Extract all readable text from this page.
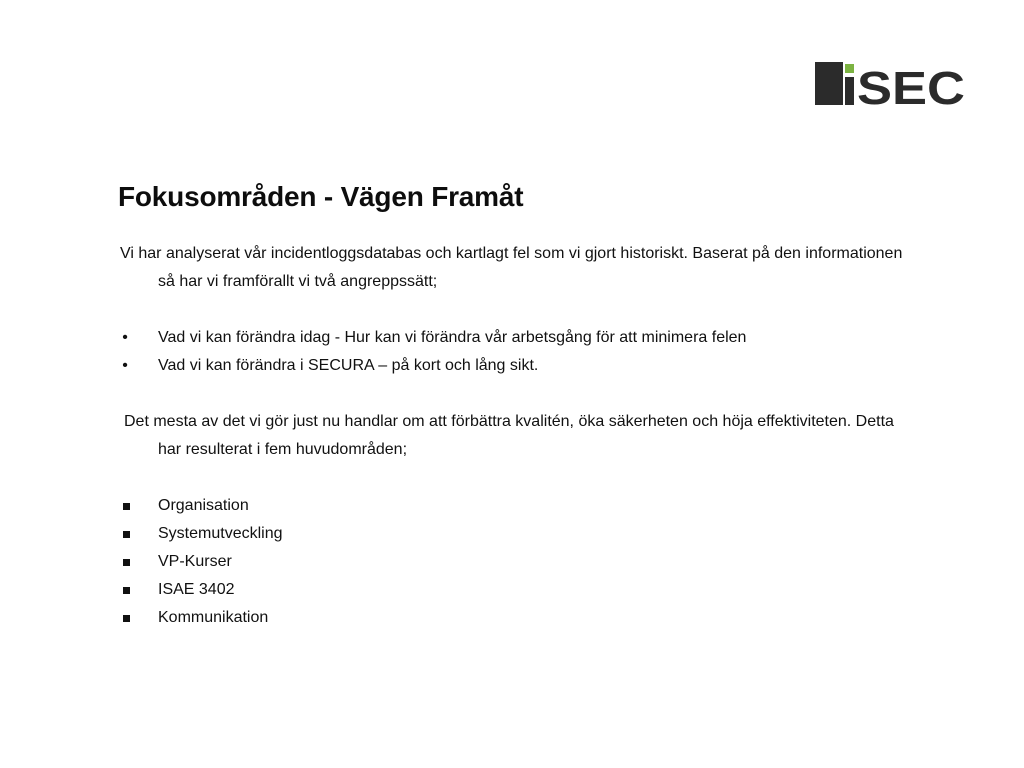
SEC
Fokusområden - Vägen Framåt

Vi har analyserat vår incidentloggsdatabas och kartlagt fel som vi gjort historiskt. Baserat på den informationen så har vi framförallt vi två angreppssätt;

• Vad vi kan förändra idag - Hur kan vi förändra vår arbetsgång för att minimera felen
• Vad vi kan förändra i SECURA – på kort och lång sikt.

Det mesta av det vi gör just nu handlar om att förbättra kvalitén, öka säkerheten och höja effektiviteten. Detta har resulterat i fem huvudområden;

Organisation
Systemutveckling
VP-Kurser
ISAE 3402
Kommunikation
